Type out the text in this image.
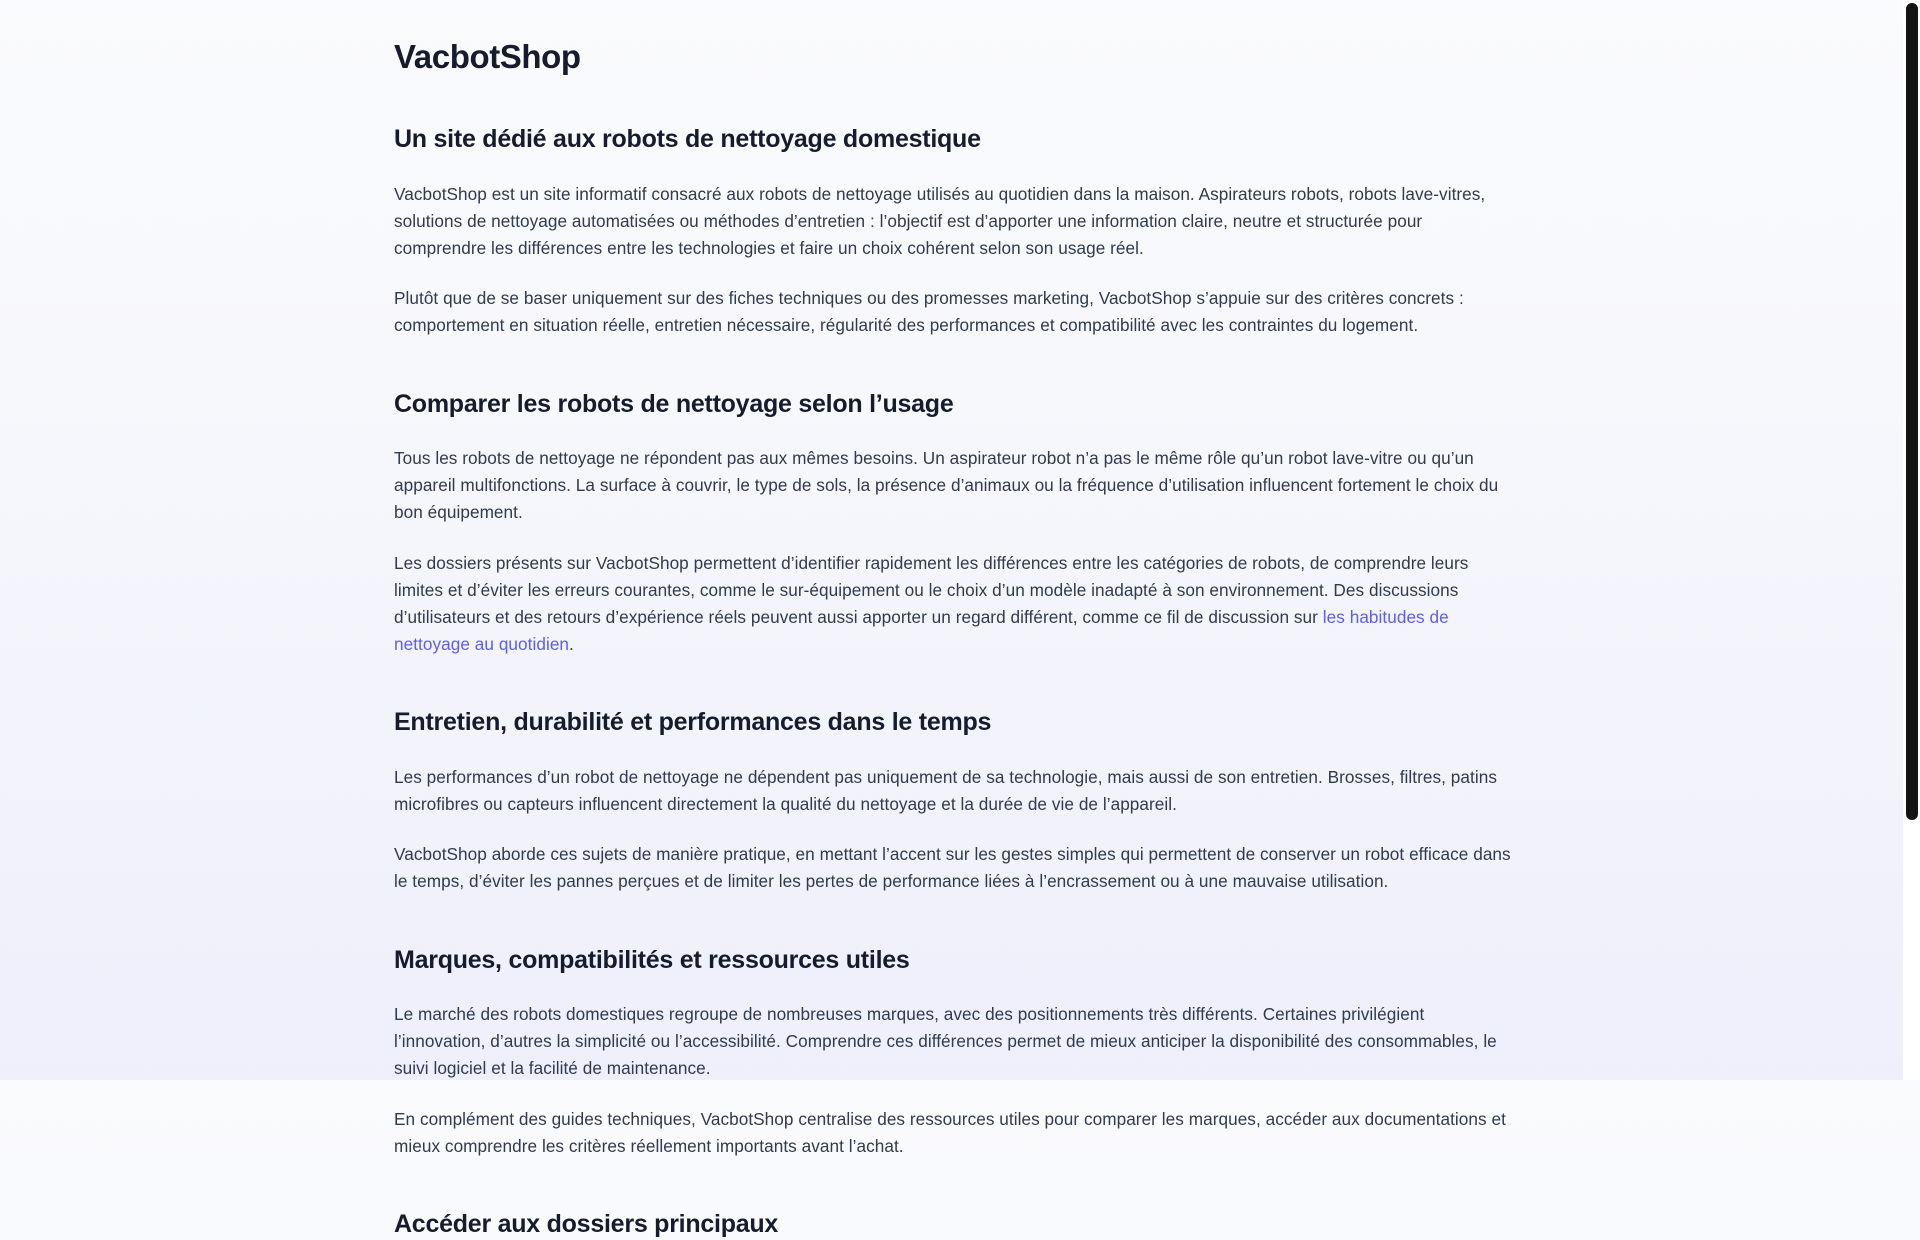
VacbotShop
Un site dédié aux robots de nettoyage domestique

VacbotShop est un site informatif consacré aux robots de nettoyage utilisés au quotidien dans la maison. Aspirateurs robots, robots lave-vitres, solutions de nettoyage automatisées ou méthodes d’entretien : l’objectif est d’apporter une information claire, neutre et structurée pour comprendre les différences entre les technologies et faire un choix cohérent selon son usage réel.

Plutôt que de se baser uniquement sur des fiches techniques ou des promesses marketing, VacbotShop s’appuie sur des critères concrets : comportement en situation réelle, entretien nécessaire, régularité des performances et compatibilité avec les contraintes du logement.

Comparer les robots de nettoyage selon l’usage

Tous les robots de nettoyage ne répondent pas aux mêmes besoins. Un aspirateur robot n’a pas le même rôle qu’un robot lave-vitre ou qu’un appareil multifonctions. La surface à couvrir, le type de sols, la présence d’animaux ou la fréquence d’utilisation influencent fortement le choix du bon équipement.

Les dossiers présents sur VacbotShop permettent d’identifier rapidement les différences entre les catégories de robots, de comprendre leurs limites et d’éviter les erreurs courantes, comme le sur-équipement ou le choix d’un modèle inadapté à son environnement. Des discussions d’utilisateurs et des retours d’expérience réels peuvent aussi apporter un regard différent, comme ce fil de discussion sur les habitudes de nettoyage au quotidien.

Entretien, durabilité et performances dans le temps

Les performances d’un robot de nettoyage ne dépendent pas uniquement de sa technologie, mais aussi de son entretien. Brosses, filtres, patins microfibres ou capteurs influencent directement la qualité du nettoyage et la durée de vie de l’appareil.

VacbotShop aborde ces sujets de manière pratique, en mettant l’accent sur les gestes simples qui permettent de conserver un robot efficace dans le temps, d’éviter les pannes perçues et de limiter les pertes de performance liées à l’encrassement ou à une mauvaise utilisation.

Marques, compatibilités et ressources utiles

Le marché des robots domestiques regroupe de nombreuses marques, avec des positionnements très différents. Certaines privilégient l’innovation, d’autres la simplicité ou l’accessibilité. Comprendre ces différences permet de mieux anticiper la disponibilité des consommables, le suivi logiciel et la facilité de maintenance.

En complément des guides techniques, VacbotShop centralise des ressources utiles pour comparer les marques, accéder aux documentations et mieux comprendre les critères réellement importants avant l’achat.

Accéder aux dossiers principaux
